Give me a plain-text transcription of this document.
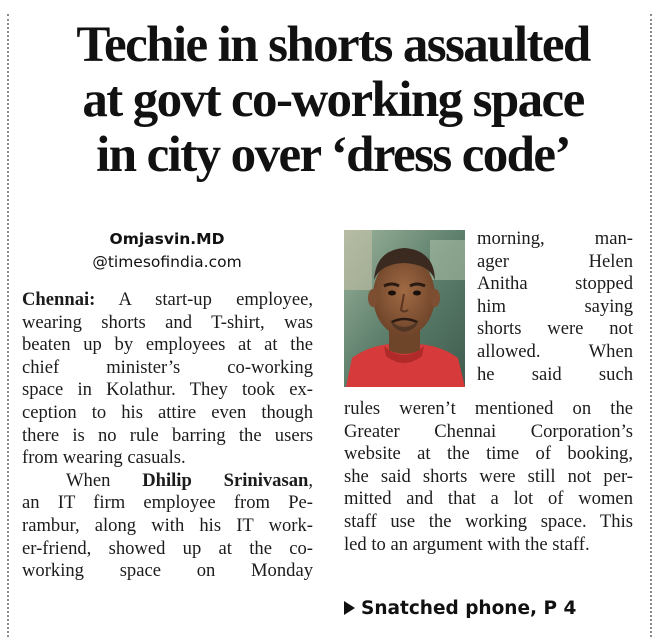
Techie in shorts assaulted
at govt co-working space
in city over ‘dress code’
Omjasvin.MD
@timesofindia.com

Chennai: A start-up employee,
wearing shorts and T-shirt, was
beaten up by employees at at the
chief minister’s co-working
space in Kolathur. They took ex-
ception to his attire even though
there is no rule barring the users
from wearing casuals.

When Dhilip Srinivasan,
an IT firm employee from Pe-
rambur, along with his IT work-
er-friend, showed up at the co-
working space on Monday

morning, man-
ager Helen
Anitha stopped
him saying
shorts were not
allowed. When
he said such
rules weren’t mentioned on the
Greater Chennai Corporation’s
website at the time of booking,
she said shorts were still not per-
mitted and that a lot of women
staff use the working space. This
led to an argument with the staff.
Snatched phone, P 4
